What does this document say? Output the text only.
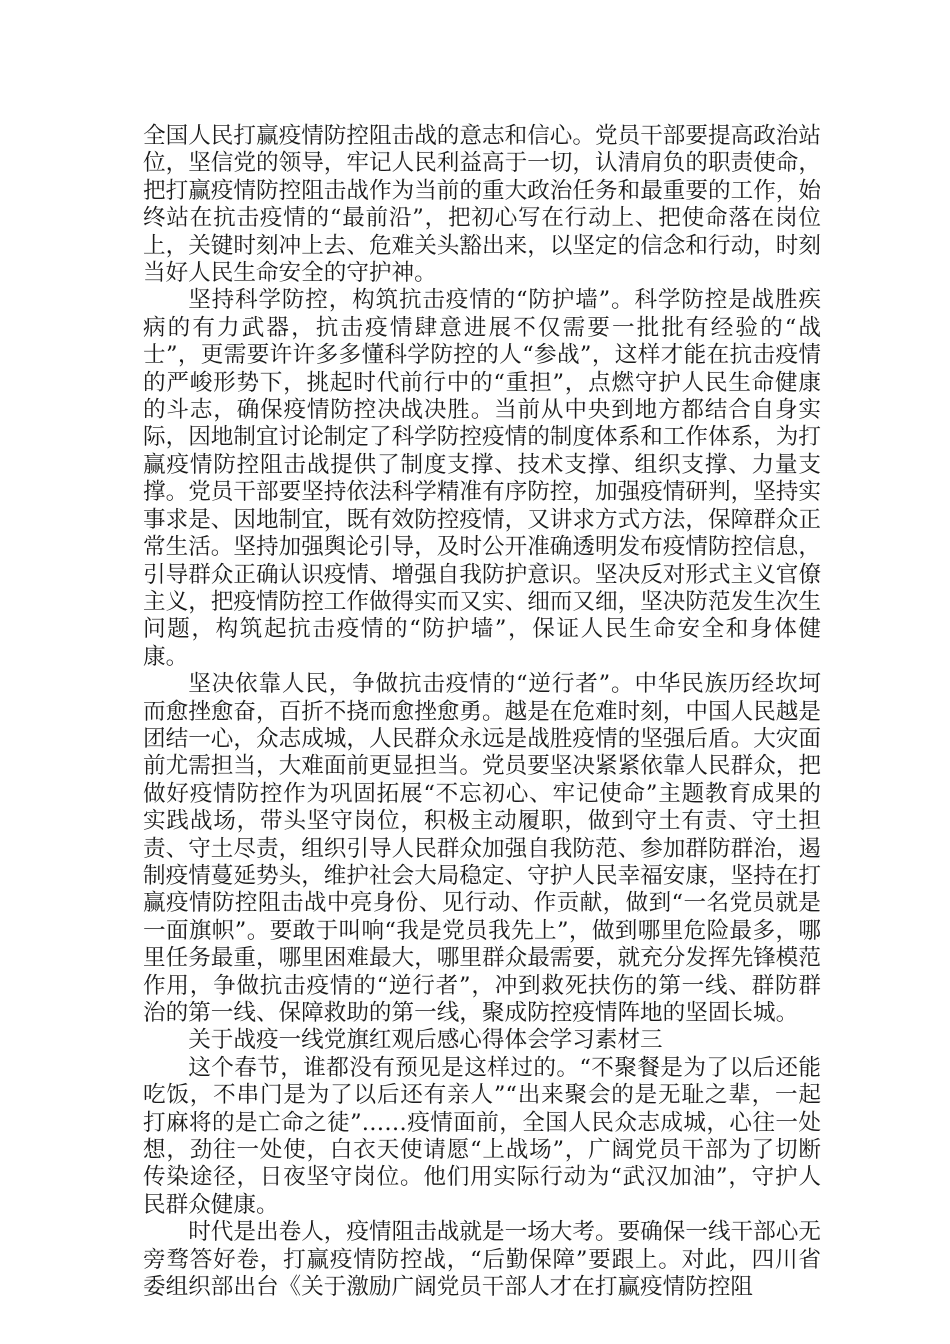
全国人民打赢疫情防控阻击战的意志和信心。党员干部要提高政治站位，坚信党的领导，牢记人民利益高于一切，认清肩负的职责使命，把打赢疫情防控阻击战作为当前的重大政治任务和最重要的工作，始终站在抗击疫情的“最前沿”，把初心写在行动上、把使命落在岗位上，关键时刻冲上去、危难关头豁出来，以坚定的信念和行动，时刻当好人民生命安全的守护神。

坚持科学防控，构筑抗击疫情的“防护墙”。科学防控是战胜疾病的有力武器，抗击疫情肆意进展不仅需要一批批有经验的“战士”，更需要许许多多懂科学防控的人“参战”，这样才能在抗击疫情的严峻形势下，挑起时代前行中的“重担”，点燃守护人民生命健康的斗志，确保疫情防控决战决胜。当前从中央到地方都结合自身实际，因地制宜讨论制定了科学防控疫情的制度体系和工作体系，为打赢疫情防控阻击战提供了制度支撑、技术支撑、组织支撑、力量支撑。党员干部要坚持依法科学精准有序防控，加强疫情研判，坚持实事求是、因地制宜，既有效防控疫情，又讲求方式方法，保障群众正常生活。坚持加强舆论引导，及时公开准确透明发布疫情防控信息，引导群众正确认识疫情、增强自我防护意识。坚决反对形式主义官僚主义，把疫情防控工作做得实而又实、细而又细，坚决防范发生次生问题，构筑起抗击疫情的“防护墙”，保证人民生命安全和身体健康。

坚决依靠人民，争做抗击疫情的“逆行者”。中华民族历经坎坷而愈挫愈奋，百折不挠而愈挫愈勇。越是在危难时刻，中国人民越是团结一心，众志成城，人民群众永远是战胜疫情的坚强后盾。大灾面前尤需担当，大难面前更显担当。党员要坚决紧紧依靠人民群众，把做好疫情防控作为巩固拓展“不忘初心、牢记使命”主题教育成果的实践战场，带头坚守岗位，积极主动履职，做到守土有责、守土担责、守土尽责，组织引导人民群众加强自我防范、参加群防群治，遏制疫情蔓延势头，维护社会大局稳定、守护人民幸福安康，坚持在打赢疫情防控阻击战中亮身份、见行动、作贡献，做到“一名党员就是一面旗帜”。要敢于叫响“我是党员我先上”，做到哪里危险最多，哪里任务最重，哪里困难最大，哪里群众最需要，就充分发挥先锋模范作用，争做抗击疫情的“逆行者”，冲到救死扶伤的第一线、群防群治的第一线、保障救助的第一线，聚成防控疫情阵地的坚固长城。

关于战疫一线党旗红观后感心得体会学习素材三

这个春节，谁都没有预见是这样过的。“不聚餐是为了以后还能吃饭，不串门是为了以后还有亲人”“出来聚会的是无耻之辈，一起打麻将的是亡命之徒”……疫情面前，全国人民众志成城，心往一处想，劲往一处使，白衣天使请愿“上战场”，广阔党员干部为了切断传染途径，日夜坚守岗位。他们用实际行动为“武汉加油”，守护人民群众健康。

时代是出卷人，疫情阻击战就是一场大考。要确保一线干部心无旁骛答好卷，打赢疫情防控战，“后勤保障”要跟上。对此，四川省委组织部出台《关于激励广阔党员干部人才在打赢疫情防控阻
